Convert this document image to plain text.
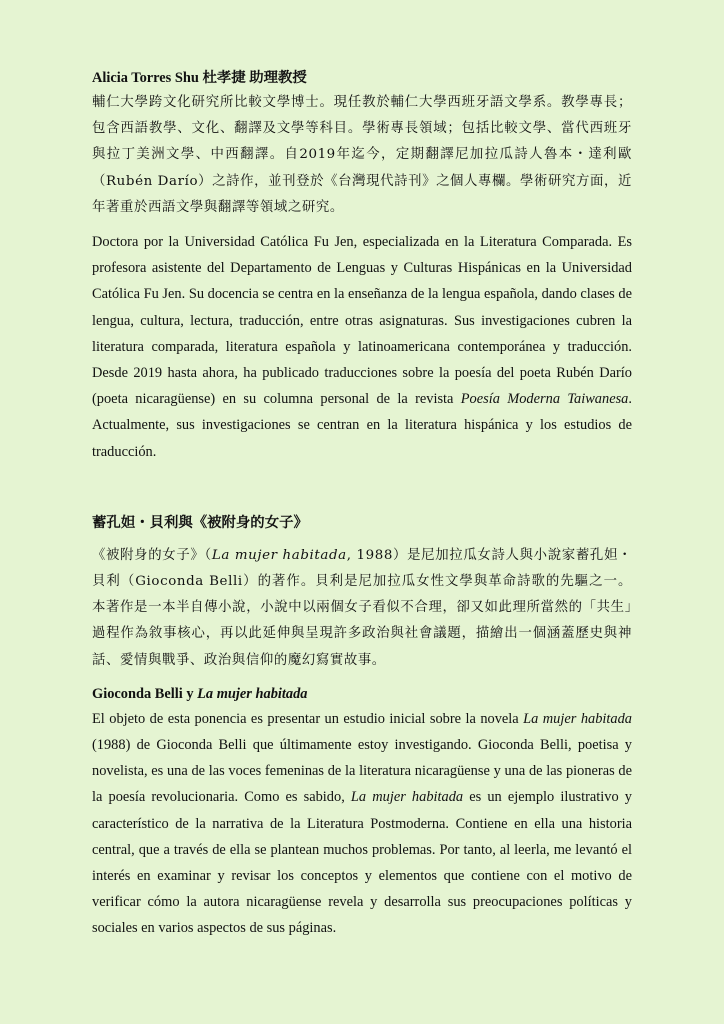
Alicia Torres Shu 杜孝捷 助理教授

輔仁大學跨文化研究所比較文學博士。現任教於輔仁大學西班牙語文學系。教學專長；包含西語教學、文化、翻譯及文學等科目。學術專長領域；包括比較文學、當代西班牙與拉丁美洲文學、中西翻譯。自2019年迄今，定期翻譯尼加拉瓜詩人魯本・達利歐（Rubén Darío）之詩作，並刊登於《台灣現代詩刊》之個人專欄。學術研究方面，近年著重於西語文學與翻譯等領域之研究。

Doctora por la Universidad Católica Fu Jen, especializada en la Literatura Comparada. Es profesora asistente del Departamento de Lenguas y Culturas Hispánicas en la Universidad Católica Fu Jen. Su docencia se centra en la enseñanza de la lengua española, dando clases de lengua, cultura, lectura, traducción, entre otras asignaturas. Sus investigaciones cubren la literatura comparada, literatura española y latinoamericana contemporánea y traducción. Desde 2019 hasta ahora, ha publicado traducciones sobre la poesía del poeta Rubén Darío (poeta nicaragüense) en su columna personal de la revista Poesía Moderna Taiwanesa. Actualmente, sus investigaciones se centran en la literatura hispánica y los estudios de traducción.

蓄孔妲・貝利與《被附身的女子》

《被附身的女子》（La mujer habitada, 1988）是尼加拉瓜女詩人與小說家蓄孔妲・貝利（Gioconda Belli）的著作。貝利是尼加拉瓜女性文學與革命詩歌的先驅之一。本著作是一本半自傳小說，小說中以兩個女子看似不合理，卻又如此理所當然的「共生」過程作為敘事核心，再以此延伸與呈現許多政治與社會議題，描繪出一個涵蓋歷史與神話、愛情與戰爭、政治與信仰的魔幻寫實故事。

Gioconda Belli y La mujer habitada

El objeto de esta ponencia es presentar un estudio inicial sobre la novela La mujer habitada (1988) de Gioconda Belli que últimamente estoy investigando. Gioconda Belli, poetisa y novelista, es una de las voces femeninas de la literatura nicaragüense y una de las pioneras de la poesía revolucionaria. Como es sabido, La mujer habitada es un ejemplo ilustrativo y característico de la narrativa de la Literatura Postmoderna. Contiene en ella una historia central, que a través de ella se plantean muchos problemas. Por tanto, al leerla, me levantó el interés en examinar y revisar los conceptos y elementos que contiene con el motivo de verificar cómo la autora nicaragüense revela y desarrolla sus preocupaciones políticas y sociales en varios aspectos de sus páginas.
